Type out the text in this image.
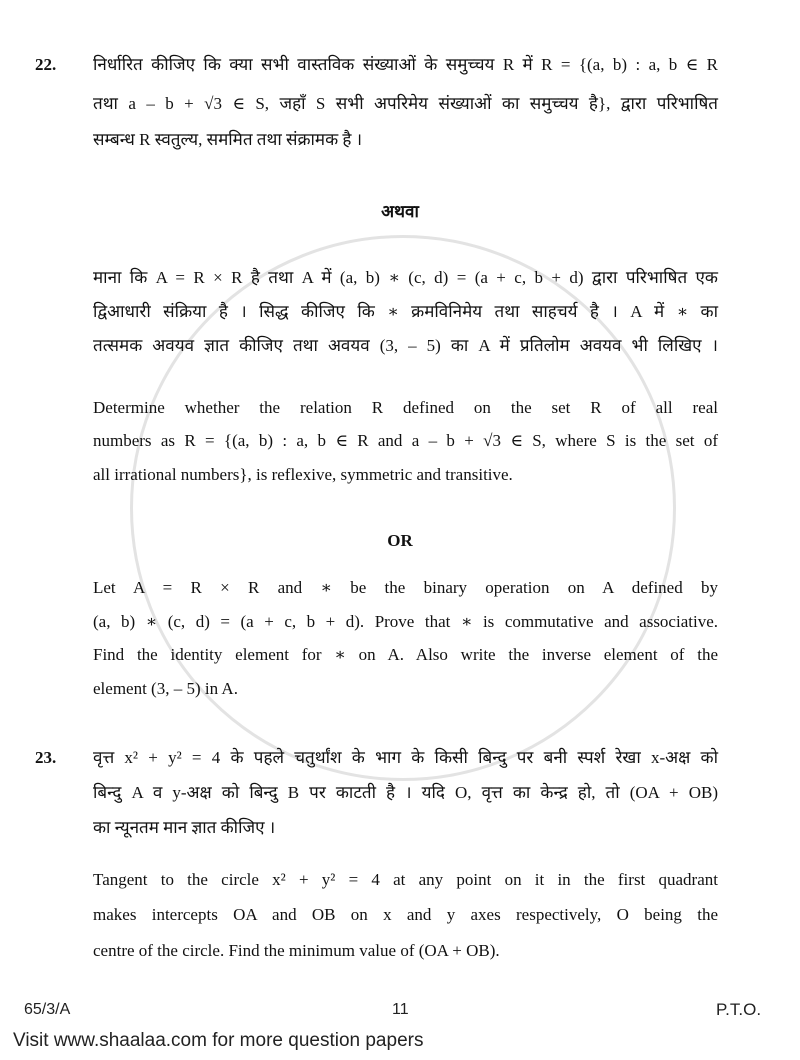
22. निर्धारित कीजिए कि क्या सभी वास्तविक संख्याओं के समुच्चय R में R = {(a, b) : a, b ∈ R
तथा a – b + √3 ∈ S, जहाँ S सभी अपरिमेय संख्याओं का समुच्चय है}, द्वारा परिभाषित
सम्बन्ध R स्वतुल्य, सममित तथा संक्रामक है ।
अथवा
माना कि A = R × R है तथा A में (a, b) ∗ (c, d) = (a + c, b + d) द्वारा परिभाषित एक
द्विआधारी संक्रिया है । सिद्ध कीजिए कि ∗ क्रमविनिमेय तथा साहचर्य है । A में ∗ का
तत्समक अवयव ज्ञात कीजिए तथा अवयव (3, – 5) का A में प्रतिलोम अवयव भी लिखिए ।
Determine whether the relation R defined on the set R of all real
numbers as R = {(a, b) : a, b ∈ R and a – b + √3 ∈ S, where S is the set of
all irrational numbers}, is reflexive, symmetric and transitive.
OR
Let A = R × R and ∗ be the binary operation on A defined by
(a, b) ∗ (c, d) = (a + c, b + d). Prove that ∗ is commutative and associative.
Find the identity element for ∗ on A. Also write the inverse element of the
element (3, – 5) in A.
23. वृत्त x² + y² = 4 के पहले चतुर्थांश के भाग के किसी बिन्दु पर बनी स्पर्श रेखा x-अक्ष को
बिन्दु A व y-अक्ष को बिन्दु B पर काटती है । यदि O, वृत्त का केन्द्र हो, तो (OA + OB)
का न्यूनतम मान ज्ञात कीजिए ।
Tangent to the circle x² + y² = 4 at any point on it in the first quadrant
makes intercepts OA and OB on x and y axes respectively, O being the
centre of the circle. Find the minimum value of (OA + OB).
65/3/A	11	P.T.O.
Visit www.shaalaa.com for more question papers
